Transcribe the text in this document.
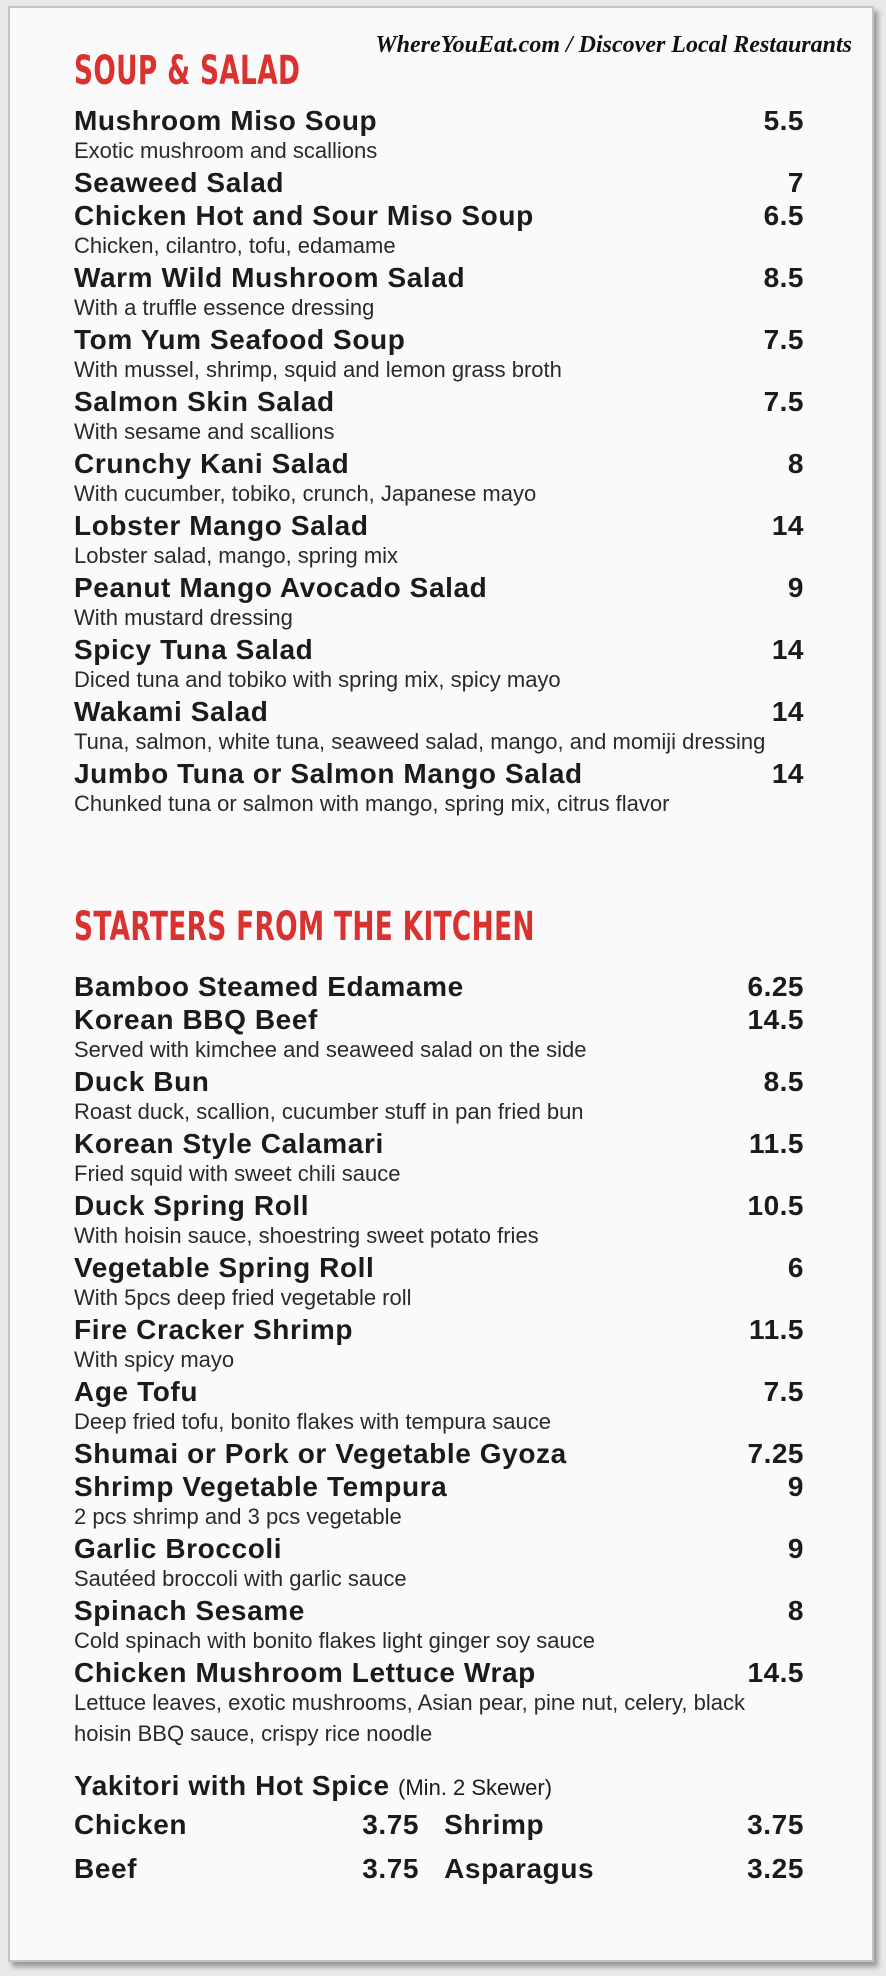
WhereYouEat.com / Discover Local Restaurants
SOUP & SALAD
Mushroom Miso Soup	5.5
Exotic mushroom and scallions
Seaweed Salad	7
Chicken Hot and Sour Miso Soup	6.5
Chicken, cilantro, tofu, edamame
Warm Wild Mushroom Salad	8.5
With a truffle essence dressing
Tom Yum Seafood Soup	7.5
With mussel, shrimp, squid and lemon grass broth
Salmon Skin Salad	7.5
With sesame and scallions
Crunchy Kani Salad	8
With cucumber, tobiko, crunch, Japanese mayo
Lobster Mango Salad	14
Lobster salad, mango, spring mix
Peanut Mango Avocado Salad	9
With mustard dressing
Spicy Tuna Salad	14
Diced tuna and tobiko with spring mix, spicy mayo
Wakami Salad	14
Tuna, salmon, white tuna, seaweed salad, mango, and momiji dressing
Jumbo Tuna or Salmon Mango Salad	14
Chunked tuna or salmon with mango, spring mix, citrus flavor
STARTERS FROM THE KITCHEN
Bamboo Steamed Edamame	6.25
Korean BBQ Beef	14.5
Served with kimchee and seaweed salad on the side
Duck Bun	8.5
Roast duck, scallion, cucumber stuff in pan fried bun
Korean Style Calamari	11.5
Fried squid with sweet chili sauce
Duck Spring Roll	10.5
With hoisin sauce, shoestring sweet potato fries
Vegetable Spring Roll	6
With 5pcs deep fried vegetable roll
Fire Cracker Shrimp	11.5
With spicy mayo
Age Tofu	7.5
Deep fried tofu, bonito flakes with tempura sauce
Shumai or Pork or Vegetable Gyoza	7.25
Shrimp Vegetable Tempura	9
2 pcs shrimp and 3 pcs vegetable
Garlic Broccoli	9
Sautéed broccoli with garlic sauce
Spinach Sesame	8
Cold spinach with bonito flakes light ginger soy sauce
Chicken Mushroom Lettuce Wrap	14.5
Lettuce leaves, exotic mushrooms, Asian pear, pine nut, celery, black hoisin BBQ sauce, crispy rice noodle
Yakitori with Hot Spice (Min. 2 Skewer)
Chicken	3.75 Shrimp	3.75
Beef	3.75 Asparagus	3.25
